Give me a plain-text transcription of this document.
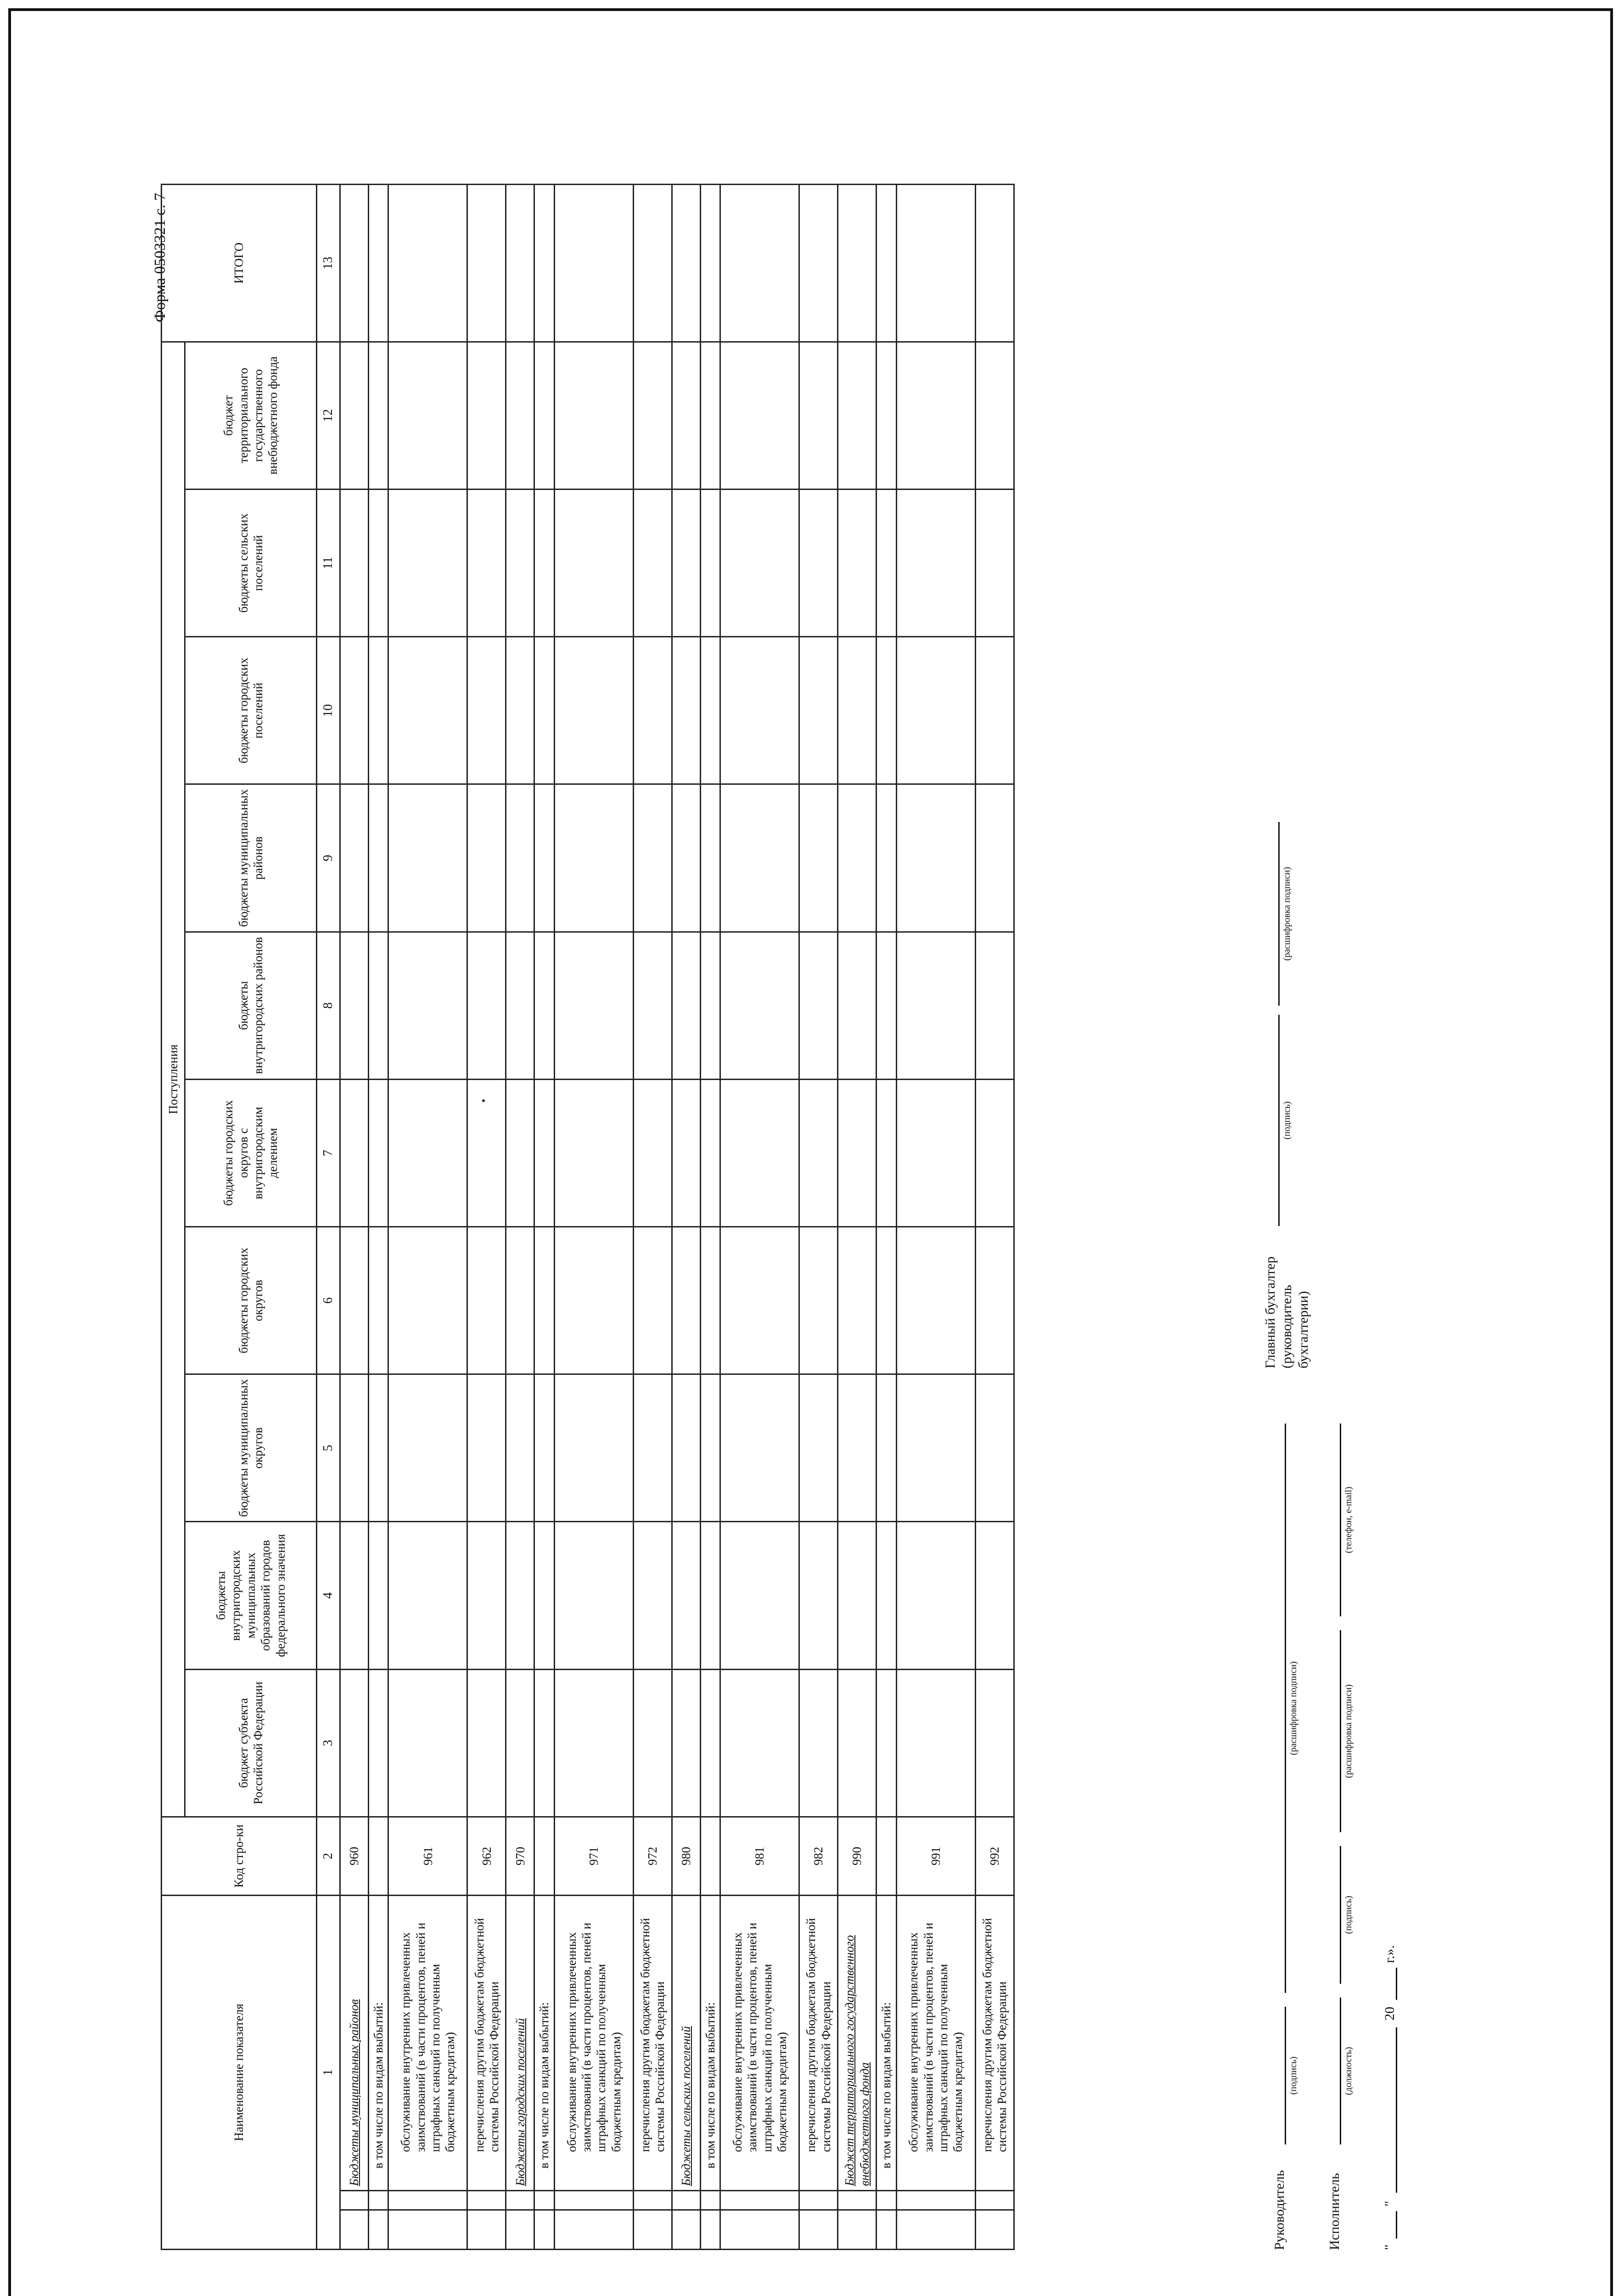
Форма 0503321 с. 7
Наименование показателя			Код стро-ки	Поступления										ИТОГО
				бюджет субъекта Российской Федерации	бюджеты внутригородских муниципальных образований городов федерального значения	бюджеты муниципальных округов	бюджеты городских округов	бюджеты городских округов с внутригородским делением	бюджеты внутригородских районов	бюджеты муниципальных районов	бюджеты городских поселений	бюджеты сельских поселений	бюджет территориального государственного внебюджетного фонда	
1			2	3	4	5	6	7	8	9	10	11	12	13
		Бюджеты муниципальных районов	960											
		в том числе по видам выбытий:												
		обслуживание внутренних привлеченных заимствований (в части процентов, пеней и штрафных санкций по полученным бюджетным кредитам)	961											
		перечисления другим бюджетам бюджетной системы Российской Федерации	962											
		Бюджеты городских поселений	970											
		в том числе по видам выбытий:												
		обслуживание внутренних привлеченных заимствований (в части процентов, пеней и штрафных санкций по полученным бюджетным кредитам)	971											
		перечисления другим бюджетам бюджетной системы Российской Федерации	972											
		Бюджеты сельских поселений	980											
		в том числе по видам выбытий:												
		обслуживание внутренних привлеченных заимствований (в части процентов, пеней и штрафных санкций по полученным бюджетным кредитам)	981											
		перечисления другим бюджетам бюджетной системы Российской Федерации	982											
		Бюджет территориального государственного внебюджетного фонда	990											
		в том числе по видам выбытий:												
		обслуживание внутренних привлеченных заимствований (в части процентов, пеней и штрафных санкций по полученным бюджетным кредитам)	991											
		перечисления другим бюджетам бюджетной системы Российской Федерации	992											
Руководитель
(подпись)
(расшифровка подписи)
Главный бухгалтер (руководитель бухгалтерии)
(подпись)
(расшифровка подписи)
Исполнитель
(должность)
(подпись)
(расшифровка подписи)
(телефон, e-mail)
"
"
20
г.».
